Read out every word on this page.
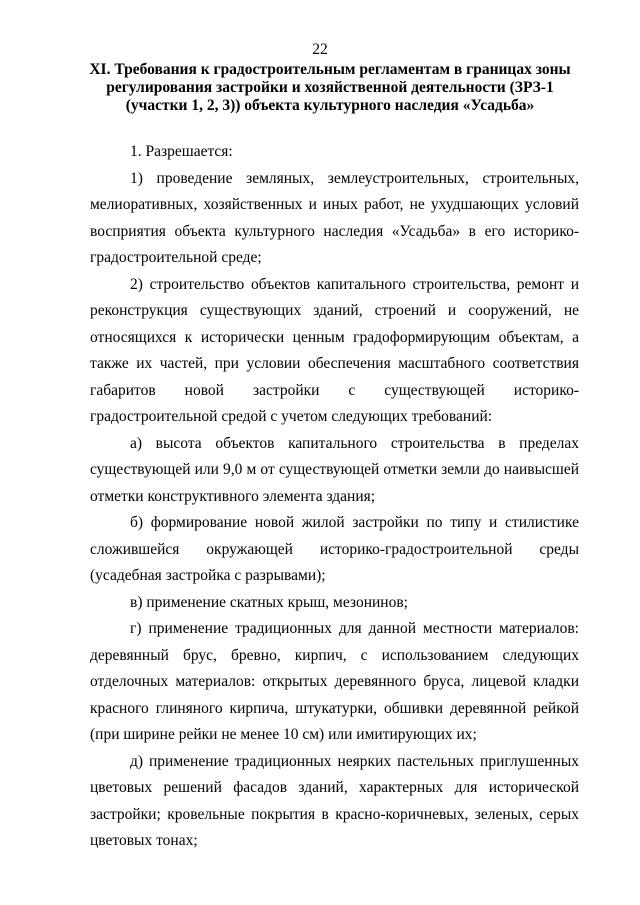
22
XI. Требования к градостроительным регламентам в границах зоны регулирования застройки и хозяйственной деятельности (ЗРЗ-1 (участки 1, 2, 3)) объекта культурного наследия «Усадьба»

1. Разрешается:

1) проведение земляных, землеустроительных, строительных, мелиоративных, хозяйственных и иных работ, не ухудшающих условий восприятия объекта культурного наследия «Усадьба» в его историко-градостроительной среде;

2) строительство объектов капитального строительства, ремонт и реконструкция существующих зданий, строений и сооружений, не относящихся к исторически ценным градоформирующим объектам, а также их частей, при условии обеспечения масштабного соответствия габаритов новой застройки с существующей историко-градостроительной средой с учетом следующих требований:

а) высота объектов капитального строительства в пределах существующей или 9,0 м от существующей отметки земли до наивысшей отметки конструктивного элемента здания;

б) формирование новой жилой застройки по типу и стилистике сложившейся окружающей историко-градостроительной среды (усадебная застройка с разрывами);

в) применение скатных крыш, мезонинов;

г) применение традиционных для данной местности материалов: деревянный брус, бревно, кирпич, с использованием следующих отделочных материалов: открытых деревянного бруса, лицевой кладки красного глиняного кирпича, штукатурки, обшивки деревянной рейкой (при ширине рейки не менее 10 см) или имитирующих их;

д) применение традиционных неярких пастельных приглушенных цветовых решений фасадов зданий, характерных для исторической застройки; кровельные покрытия в красно-коричневых, зеленых, серых цветовых тонах;
